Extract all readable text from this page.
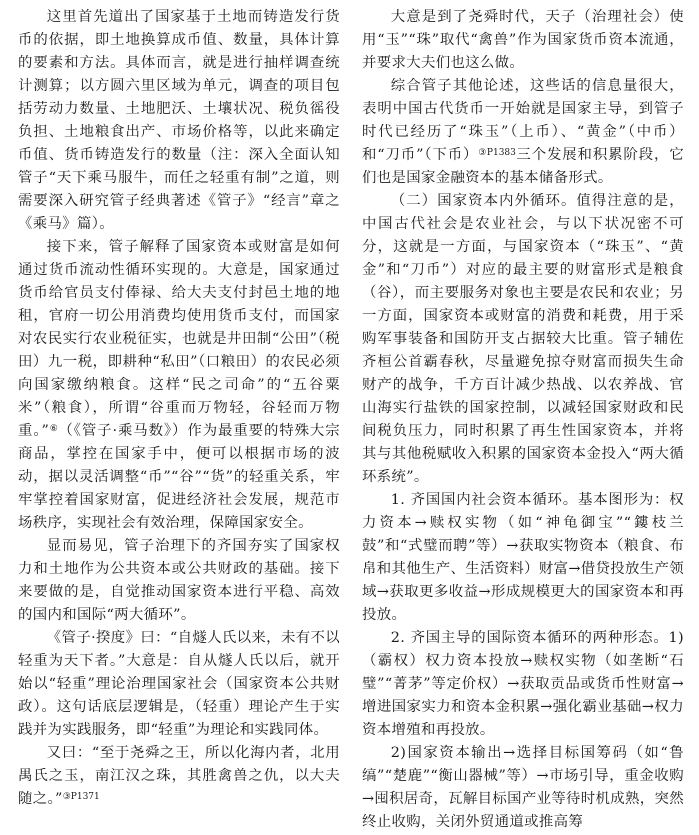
这里首先道出了国家基于土地而铸造发行货币的依据，即土地换算成币值、数量，具体计算的要素和方法。具体而言，就是进行抽样调查统计测算；以方圆六里区域为单元，调查的项目包括劳动力数量、土地肥沃、土壤状况、税负徭役负担、土地粮食出产、市场价格等，以此来确定币值、货币铸造发行的数量（注：深入全面认知管子“天下乘马服牛，而任之轻重有制”之道，则需要深入研究管子经典著述《管子》“经言”章之《乘马》篇）。

接下来，管子解释了国家资本或财富是如何通过货币流动性循环实现的。大意是，国家通过货币给官员支付俸禄、给大夫支付封邑土地的地租，官府一切公用消费均使用货币支付，而国家对农民实行农业税征实，也就是井田制“公田”（税田）九一税，即耕种“私田”（口粮田）的农民必须向国家缴纳粮食。这样“民之司命”的“五谷粟米”（粮食），所谓“谷重而万物轻，谷轻而万物重。”⑥（《管子·乘马数》）作为最重要的特殊大宗商品，掌控在国家手中，便可以根据市场的波动，据以灵活调整“币”“谷”“货”的轻重关系，牢牢掌控着国家财富，促进经济社会发展，规范市场秩序，实现社会有效治理，保障国家安全。

显而易见，管子治理下的齐国夯实了国家权力和土地作为公共资本或公共财政的基础。接下来要做的是，自觉推动国家资本进行平稳、高效的国内和国际“两大循环”。

《管子·揆度》曰：“自燧人氏以来，未有不以轻重为天下者。”大意是：自从燧人氏以后，就开始以“轻重”理论治理国家社会（国家资本公共财政）。这句话底层逻辑是，（轻重）理论产生于实践并为实践服务，即“轻重”为理论和实践同体。

又曰：“至于尧舜之王，所以化海内者，北用禺氏之玉，南江汉之珠，其胜禽兽之仇，以大夫随之。”$^{③P1371}$

大意是到了尧舜时代，天子（治理社会）使用“玉”“珠”取代“禽兽”作为国家货币资本流通，并要求大夫们也这么做。

综合管子其他论述，这些话的信息量很大，表明中国古代货币一开始就是国家主导，到管子时代已经历了“珠玉”（上币）、“黄金”（中币）和“刀币”（下币）$^{③P1383}$三个发展和积累阶段，它们也是国家金融资本的基本储备形式。

（二）国家资本内外循环。值得注意的是，中国古代社会是农业社会，与以下状况密不可分，这就是一方面，与国家资本（“珠玉”、“黄金”和“刀币”）对应的最主要的财富形式是粮食（谷），而主要服务对象也主要是农民和农业；另一方面，国家资本或财富的消费和耗费，用于采购军事装备和国防开支占据较大比重。管子辅佐齐桓公首霸春秋，尽量避免掠夺财富而损失生命财产的战争，千方百计减少热战、以农养战、官山海实行盐铁的国家控制，以减轻国家财政和民间税负压力，同时积累了再生性国家资本，并将其与其他税赋收入积累的国家资本金投入“两大循环系统”。

1. 齐国国内社会资本循环。基本图形为：权力资本→赎权实物（如“神龟御宝”“鏤枝兰鼓”和“式璧而聘”等）→获取实物资本（粮食、布帛和其他生产、生活资料）财富→借贷投放生产领域→获取更多收益→形成规模更大的国家资本和再投放。

2. 齐国主导的国际资本循环的两种形态。1)（霸权）权力资本投放→赎权实物（如垄断“石璧”“菁茅”等定价权）→获取贡品或货币性财富→增进国家实力和资本金积累→强化霸业基础→权力资本增殖和再投放。

2)国家资本输出→选择目标国筹码（如“鲁缟”“楚鹿”“衡山器械”等）→市场引导，重金收购→囤积居奇，瓦解目标国产业等待时机成熟，突然终止收购，关闭外贸通道或推高筹
